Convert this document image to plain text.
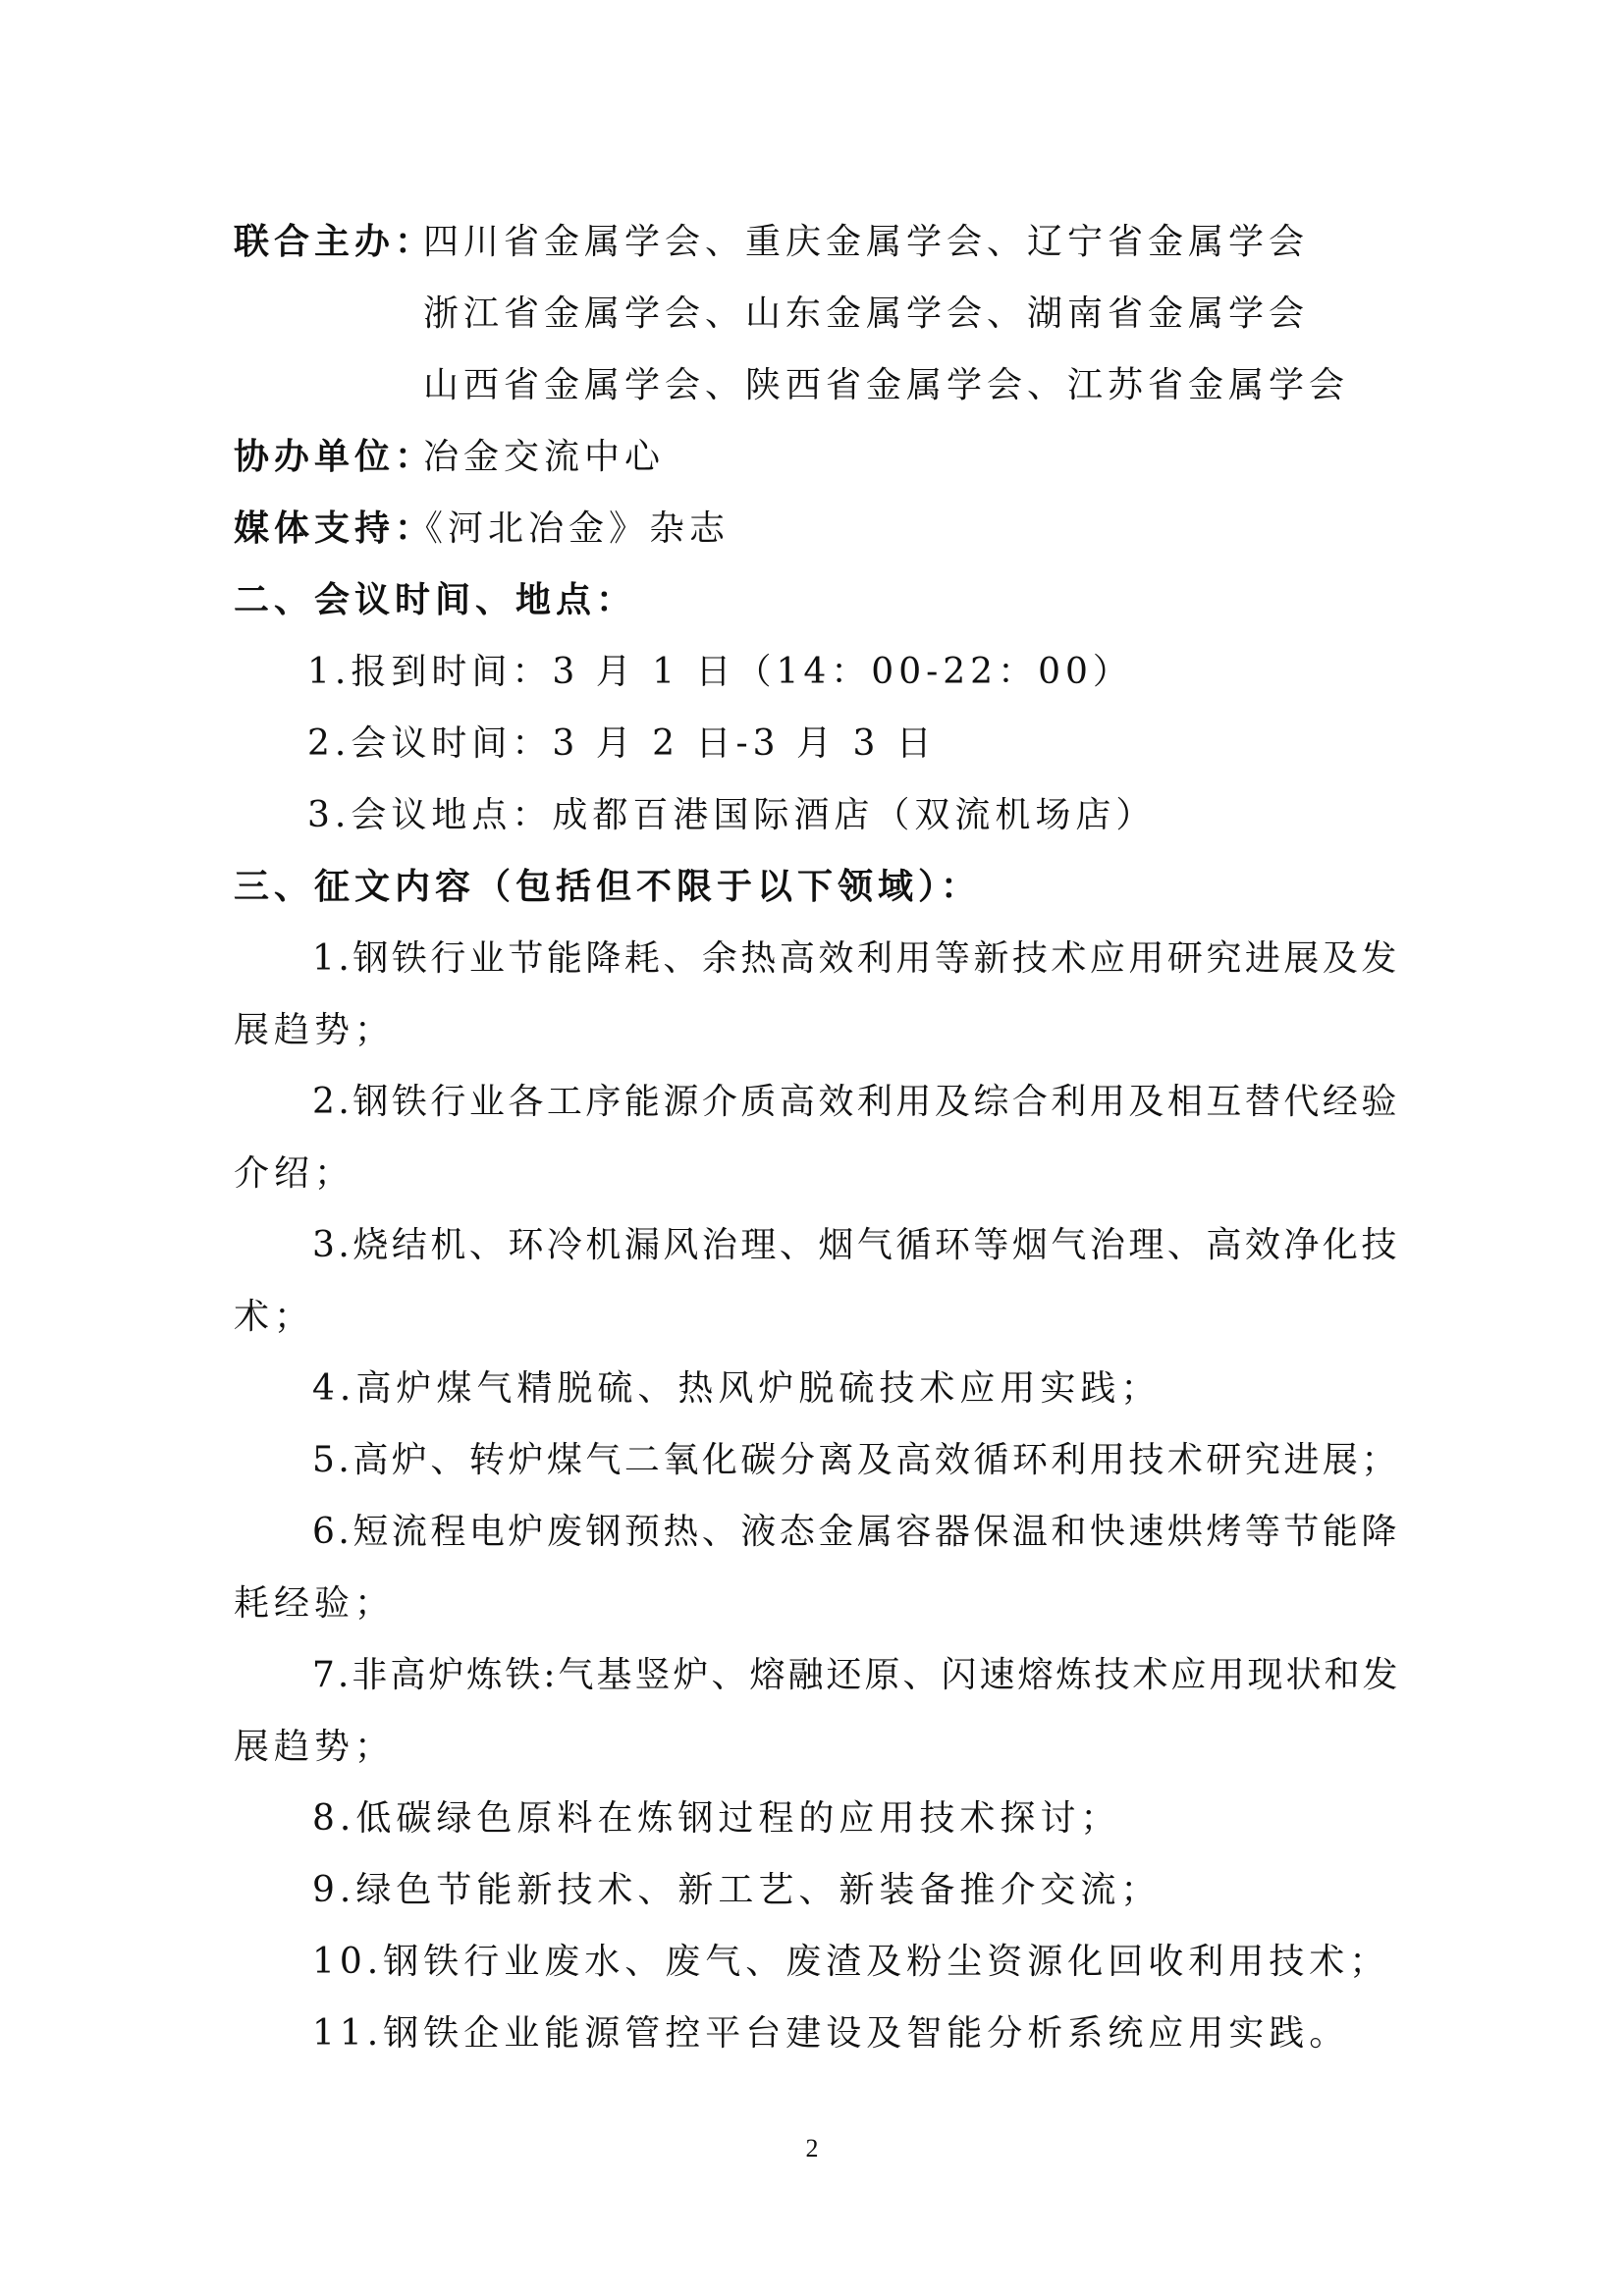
联合主办：
四川省金属学会、重庆金属学会、辽宁省金属学会
浙江省金属学会、山东金属学会、湖南省金属学会
山西省金属学会、陕西省金属学会、江苏省金属学会
协办单位：
冶金交流中心
媒体支持：
《河北冶金》杂志
二、会议时间、地点：
1.报到时间：3 月 1 日（14：00-22：00）
2.会议时间：3 月 2 日-3 月 3 日
3.会议地点：成都百港国际酒店（双流机场店）
三、征文内容（包括但不限于以下领域）：
1.钢铁行业节能降耗、余热高效利用等新技术应用研究进展及发
展趋势；
2.钢铁行业各工序能源介质高效利用及综合利用及相互替代经验
介绍；
3.烧结机、环冷机漏风治理、烟气循环等烟气治理、高效净化技
术；
4.高炉煤气精脱硫、热风炉脱硫技术应用实践；
5.高炉、转炉煤气二氧化碳分离及高效循环利用技术研究进展；
6.短流程电炉废钢预热、液态金属容器保温和快速烘烤等节能降
耗经验；
7.非高炉炼铁:气基竖炉、熔融还原、闪速熔炼技术应用现状和发
展趋势；
8.低碳绿色原料在炼钢过程的应用技术探讨；
9.绿色节能新技术、新工艺、新装备推介交流；
10.钢铁行业废水、废气、废渣及粉尘资源化回收利用技术；
11.钢铁企业能源管控平台建设及智能分析系统应用实践。
2
